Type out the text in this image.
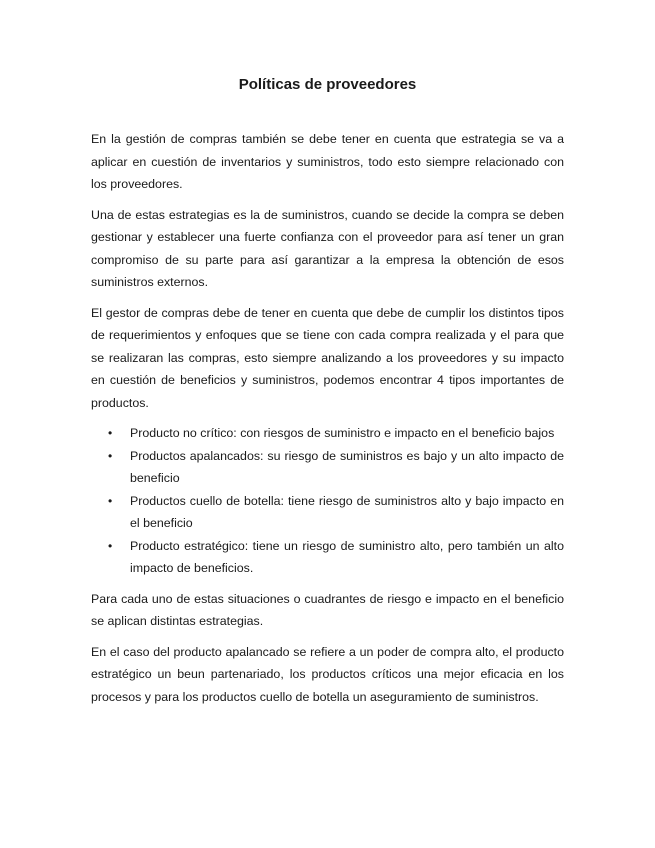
Políticas de proveedores

En la gestión de compras también se debe tener en cuenta que estrategia se va a aplicar en cuestión de inventarios y suministros, todo esto siempre relacionado con los proveedores.

Una de estas estrategias es la de suministros, cuando se decide la compra se deben gestionar y establecer una fuerte confianza con el proveedor para así tener un gran compromiso de su parte para así garantizar a la empresa la obtención de esos suministros externos.

El gestor de compras debe de tener en cuenta que debe de cumplir los distintos tipos de requerimientos y enfoques que se tiene con cada compra realizada y el para que se realizaran las compras, esto siempre analizando a los proveedores y su impacto en cuestión de beneficios y suministros, podemos encontrar 4 tipos importantes de productos.

• Producto no crítico: con riesgos de suministro e impacto en el beneficio bajos
• Productos apalancados: su riesgo de suministros es bajo y un alto impacto de beneficio
• Productos cuello de botella: tiene riesgo de suministros alto y bajo impacto en el beneficio
• Producto estratégico: tiene un riesgo de suministro alto, pero también un alto impacto de beneficios.

Para cada uno de estas situaciones o cuadrantes de riesgo e impacto en el beneficio se aplican distintas estrategias.

En el caso del producto apalancado se refiere a un poder de compra alto, el producto estratégico un beun partenariado, los productos críticos una mejor eficacia en los procesos y para los productos cuello de botella un aseguramiento de suministros.
